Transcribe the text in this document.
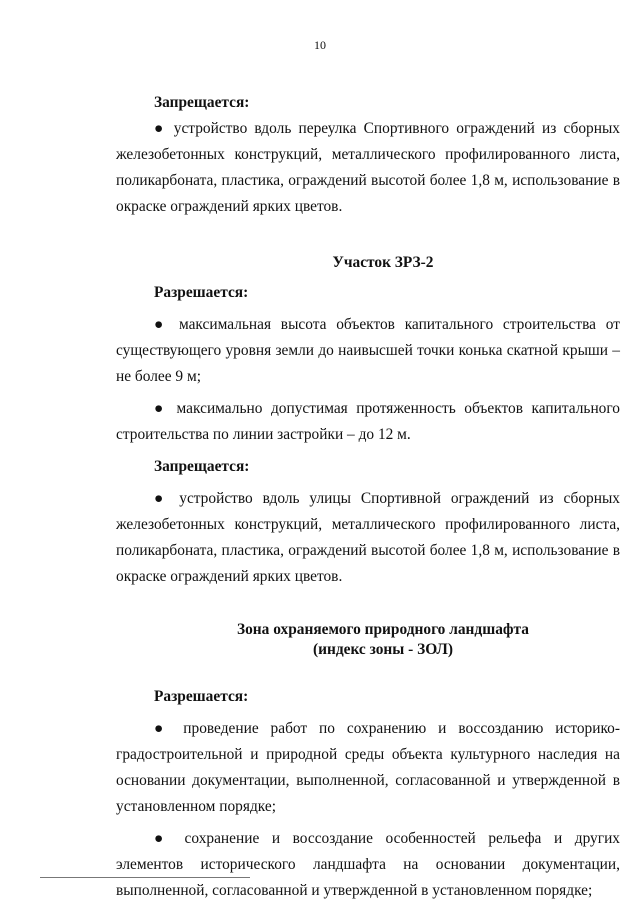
10

Запрещается:

● устройство вдоль переулка Спортивного ограждений из сборных железобетонных конструкций, металлического профилированного листа, поликарбоната, пластика, ограждений высотой более 1,8 м, использование в окраске ограждений ярких цветов.

Участок ЗРЗ-2

Разрешается:

● максимальная высота объектов капитального строительства от существующего уровня земли до наивысшей точки конька скатной крыши – не более 9 м;

● максимально допустимая протяженность объектов капитального строительства по линии застройки – до 12 м.

Запрещается:

● устройство вдоль улицы Спортивной ограждений из сборных железобетонных конструкций, металлического профилированного листа, поликарбоната, пластика, ограждений высотой более 1,8 м, использование в окраске ограждений ярких цветов.

Зона охраняемого природного ландшафта

(индекс зоны - ЗОЛ)

Разрешается:

● проведение работ по сохранению и воссозданию историко-градостроительной и природной среды объекта культурного наследия на основании документации, выполненной, согласованной и утвержденной в установленном порядке;

● сохранение и воссоздание особенностей рельефа и других элементов исторического ландшафта на основании документации, выполненной, согласованной и утвержденной в установленном порядке;
